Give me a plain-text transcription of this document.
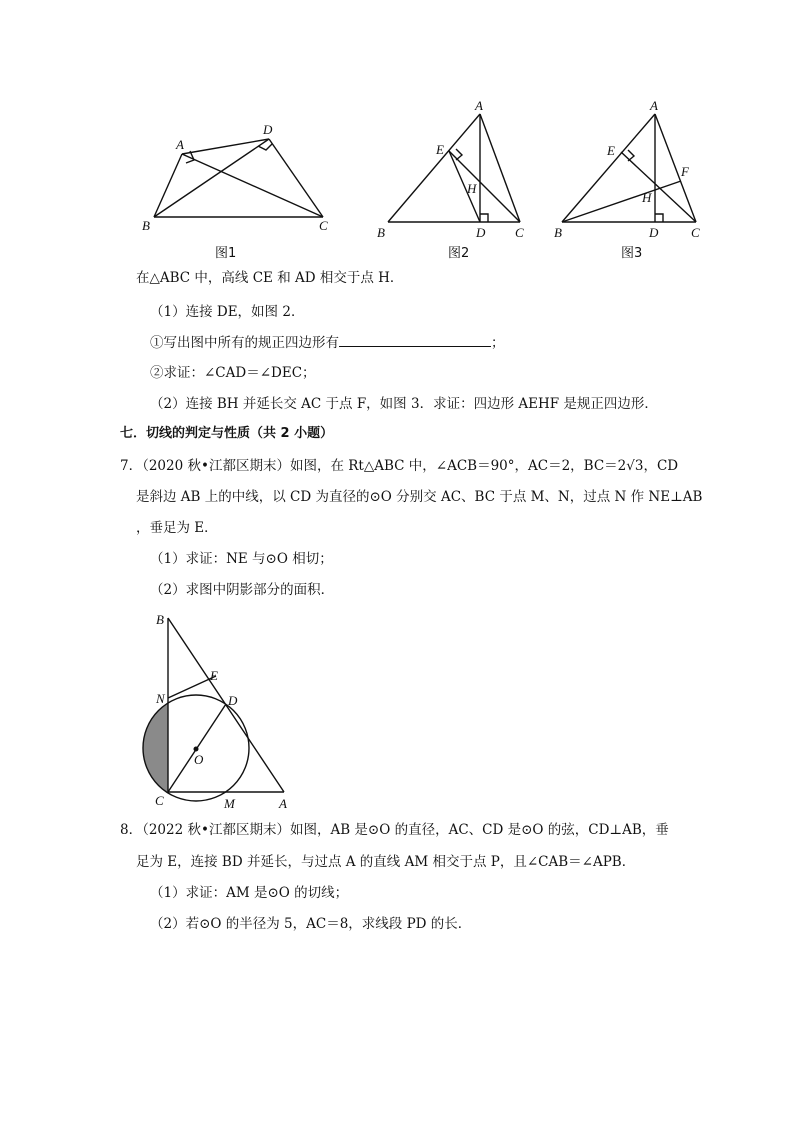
A
D
B	C
图1
A
E
H
B	D C
图2
A
E
F
H
B	D	C
图3
在△ABC 中，高线 CE 和 AD 相交于点 H．
（1）连接 DE，如图 2．
①写出图中所有的规正四边形有	；
②求证：∠CAD＝∠DEC；
（2）连接 BH 并延长交 AC 于点 F，如图 3．求证：四边形 AEHF 是规正四边形．
七．切线的判定与性质（共 2 小题）
7．（2020 秋•江都区期末）如图，在 Rt△ABC 中，∠ACB＝90°，AC＝2，BC＝2√3，CD
是斜边 AB 上的中线，以 CD 为直径的⊙O 分别交 AC、BC 于点 M、N，过点 N 作 NE⊥AB
，垂足为 E．
（1）求证：NE 与⊙O 相切；
（2）求图中阴影部分的面积．
B
E
N	D
O
C	M	A
8．（2022 秋•江都区期末）如图，AB 是⊙O 的直径，AC、CD 是⊙O 的弦，CD⊥AB，垂
足为 E，连接 BD 并延长，与过点 A 的直线 AM 相交于点 P，且∠CAB＝∠APB．
（1）求证：AM 是⊙O 的切线；
（2）若⊙O 的半径为 5，AC＝8，求线段 PD 的长．
